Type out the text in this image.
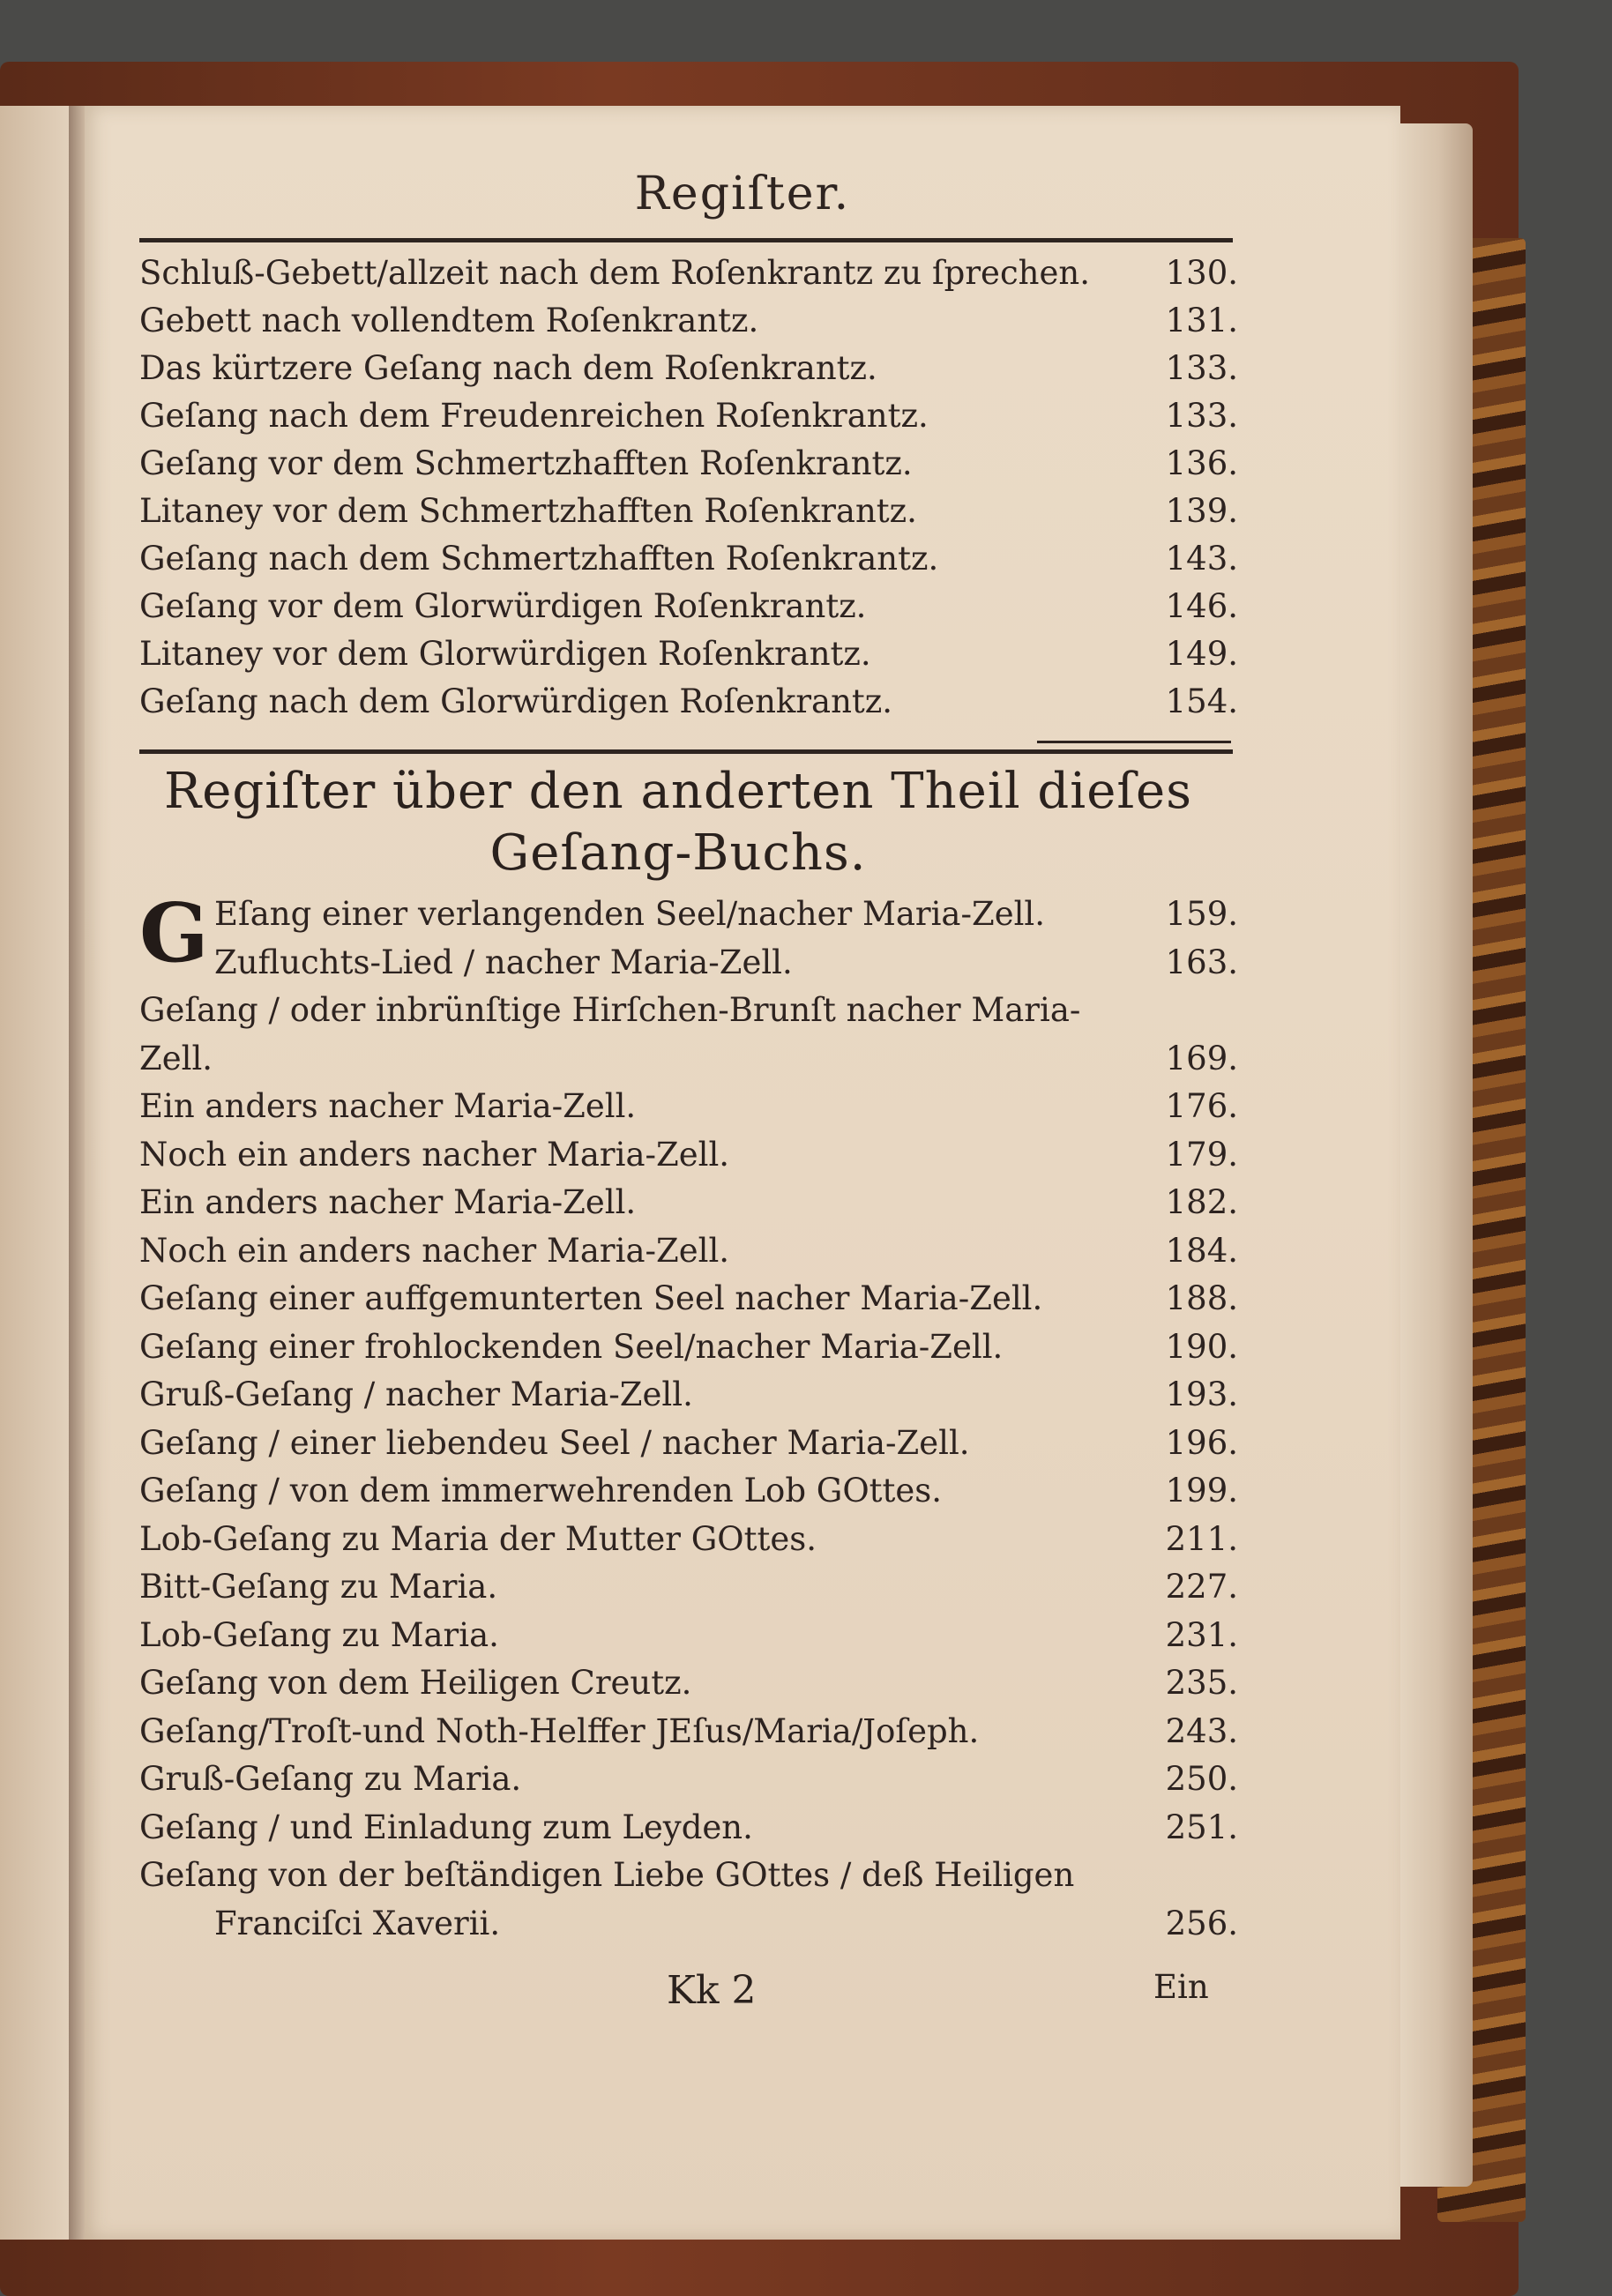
Regiſter.
Schluß-Gebett/allzeit nach dem Roſenkrantz zu ſprechen. 130.
Gebett nach vollendtem Roſenkrantz.	131.
Das kürtzere Geſang nach dem Roſenkrantz.	133.
Geſang nach dem Freudenreichen Roſenkrantz.	133.
Geſang vor dem Schmertzhafften Roſenkrantz.	136.
Litaney vor dem Schmertzhafften Roſenkrantz.	139.
Geſang nach dem Schmertzhafften Roſenkrantz.	143.
Geſang vor dem Glorwürdigen Roſenkrantz.	146.
Litaney vor dem Glorwürdigen Roſenkrantz.	149.
Geſang nach dem Glorwürdigen Roſenkrantz.	154.
Regiſter über den anderten Theil dieſes
Geſang-Buchs.
G Eſang einer verlangenden Seel/nacher Maria-Zell.	159.
Zufluchts-Lied / nacher Maria-Zell.	163.
Geſang / oder inbrünſtige Hirſchen-Brunſt nacher Maria-
Zell.	169.
Ein anders nacher Maria-Zell.	176.
Noch ein anders nacher Maria-Zell.	179.
Ein anders nacher Maria-Zell.	182.
Noch ein anders nacher Maria-Zell.	184.
Geſang einer auffgemunterten Seel nacher Maria-Zell.	188.
Geſang einer frohlockenden Seel/nacher Maria-Zell.	190.
Gruß-Geſang / nacher Maria-Zell.	193.
Geſang / einer liebendeu Seel / nacher Maria-Zell.	196.
Geſang / von dem immerwehrenden Lob GOttes.	199.
Lob-Geſang zu Maria der Mutter GOttes.	211.
Bitt-Geſang zu Maria.	227.
Lob-Geſang zu Maria.	231.
Geſang von dem Heiligen Creutz.	235.
Geſang/Troſt-und Noth-Helffer JEſus/Maria/Joſeph.	243.
Gruß-Geſang zu Maria.	250.
Geſang / und Einladung zum Leyden.	251.
Geſang von der beſtändigen Liebe GOttes / deß Heiligen
Franciſci Xaverii.	256.
Kk 2	Ein
